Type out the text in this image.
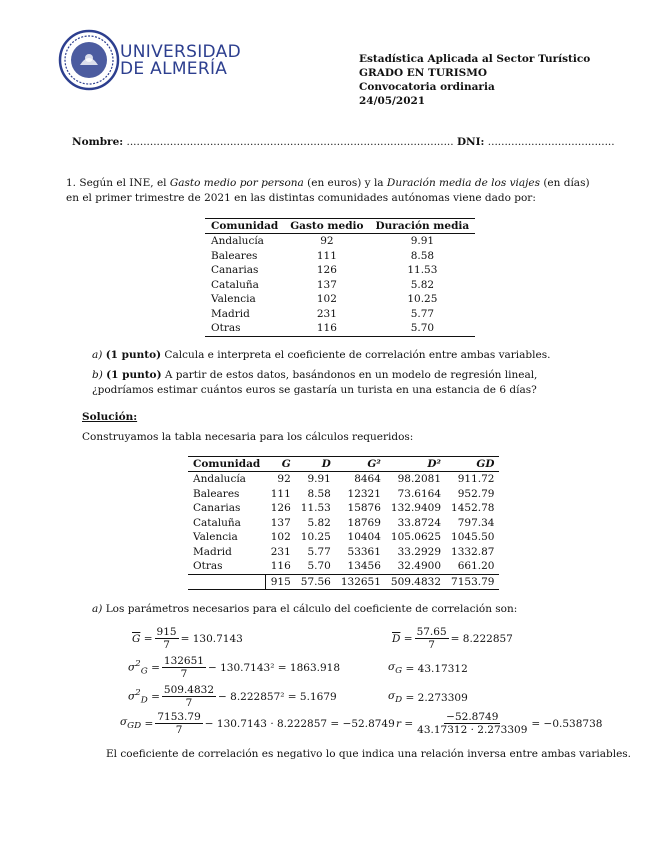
UNIVERSIDAD
DE ALMERÍA	Estadística Aplicada al Sector Turístico
GRADO EN TURISMO
Convocatoria ordinaria
24/05/2021
Nombre: .................................................................................................. DNI: ......................................
1. Según el INE, el Gasto medio por persona (en euros) y la Duración media de los viajes (en días) en el primer trimestre de 2021 en las distintas comunidades autónomas viene dado por:
Comunidad	Gasto medio	Duración media
Andalucía	92	9.91
Baleares	111	8.58
Canarias	126	11.53
Cataluña	137	5.82
Valencia	102	10.25
Madrid	231	5.77
Otras	116	5.70
a) (1 punto) Calcula e interpreta el coeficiente de correlación entre ambas variables.
b) (1 punto) A partir de estos datos, basándonos en un modelo de regresión lineal, ¿podríamos estimar cuántos euros se gastaría un turista en una estancia de 6 días?
Solución:
Construyamos la tabla necesaria para los cálculos requeridos:
Comunidad	G	D	G²	D²	GD
Andalucía	92	9.91	8464	98.2081	911.72
Baleares	111	8.58	12321	73.6164	952.79
Canarias	126	11.53	15876	132.9409	1452.78
Cataluña	137	5.82	18769	33.8724	797.34
Valencia	102	10.25	10404	105.0625	1045.50
Madrid	231	5.77	53361	33.2929	1332.87
Otras	116	5.70	13456	32.4900	661.20
	915	57.56	132651	509.4832	7153.79
a) Los parámetros necesarios para el cálculo del coeficiente de correlación son:
$\overline{G} = \frac{915}{7} = 130.7143$	$\overline{D} = \frac{57.65}{7} = 8.222857$
$\sigma^2_G = \frac{132651}{7} - 130.7143^2 = 1863.918$	$\sigma_G$
= 43.17312
$\sigma^2_D = \frac{509.4832}{7} - 8.222857^2 = 5.1679$	$\sigma_D$
= 2.273309
$\sigma_{GD} = \frac{7153.79}{7} - 130.7143 \cdot 8.222857 = -52.8749$ $r = \frac{-52.8749}{43.17312 \cdot 2.273309} = -0.538738$
El coeficiente de correlación es negativo lo que indica una relación inversa entre ambas variables.
